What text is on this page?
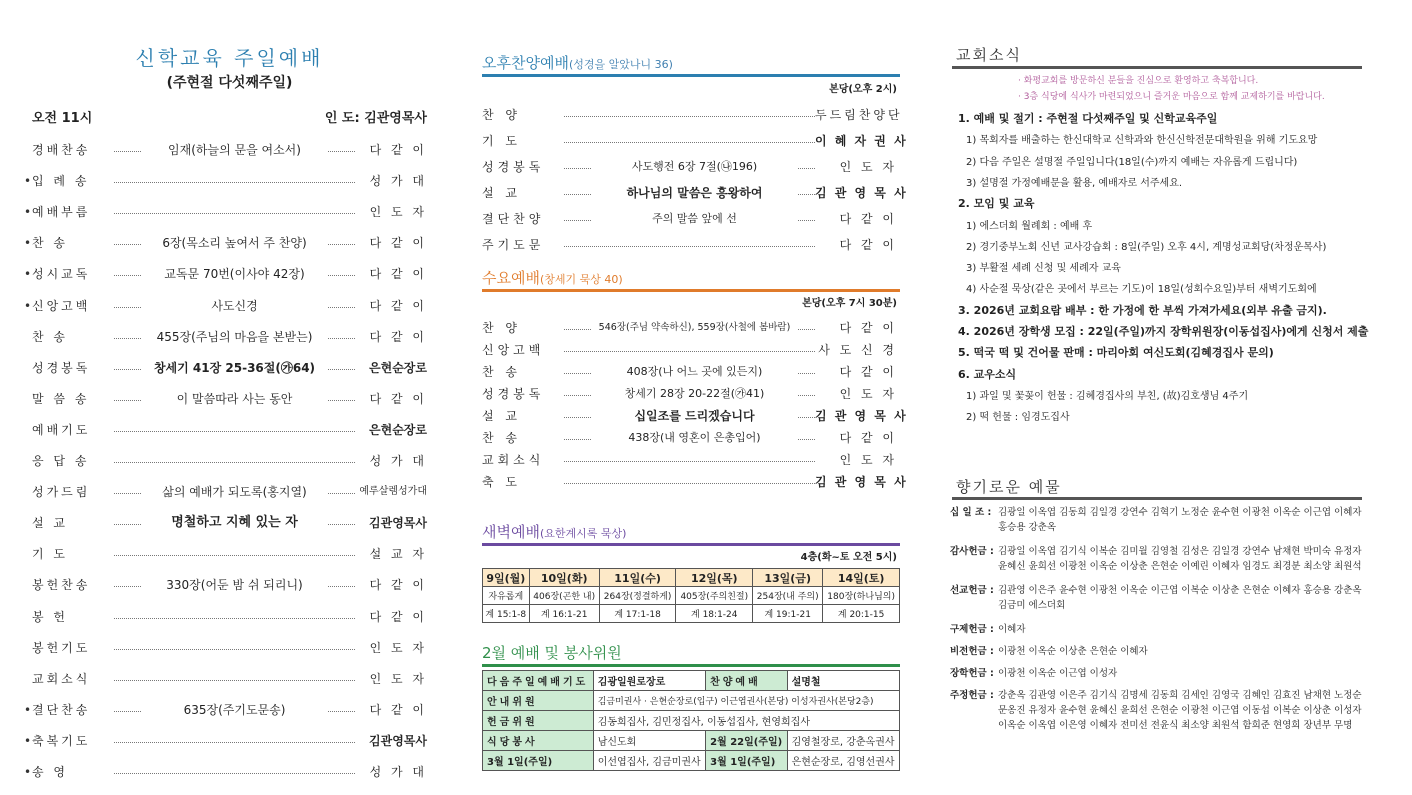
신학교육 주일예배
(주현절 다섯째주일)
오전 11시	인 도: 김관영목사
경배찬송	임재(하늘의 문을 여소서)	다 같 이
• 입 례 송	성 가 대
• 예배부름	인 도 자
• 찬 송	6장(목소리 높여서 주 찬양)	다 같 이
• 성시교독	교독문 70번(이사야 42장)	다 같 이
• 신앙고백	사도신경	다 같 이
찬 송	455장(주님의 마음을 본받는)	다 같 이
성경봉독	창세기 41장 25-36절(㉮64)	은현순장로
말 씀 송	이 말씀따라 사는 동안	다 같 이
예배기도	은현순장로
응 답 송	성 가 대
성가드림	삶의 예배가 되도록(홍지열)	예루살렘성가대
설 교	명철하고 지혜 있는 자	김관영목사
기 도	설 교 자
봉헌찬송	330장(어둔 밤 쉬 되리니)	다 같 이
봉 헌	다 같 이
봉헌기도	인 도 자
교회소식	인 도 자
• 결단찬송	635장(주기도문송)	다 같 이
• 축복기도	김관영목사
• 송 영	성 가 대
오후찬양예배(성경을 알았나니 36)
본당(오후 2시)
찬 양	두드림찬양단
기 도	이 혜 자 권 사
성경봉독	사도행전 6장 7절(㉯196)	인 도 자
설 교	하나님의 말씀은 흥왕하여	김 관 영 목 사
결단찬양	주의 말씀 앞에 선	다 같 이
주기도문	다 같 이
수요예배(창세기 묵상 40)
본당(오후 7시 30분)
찬 양	546장(주님 약속하신), 559장(사철에 봄바람)	다 같 이
신앙고백	사 도 신 경
찬 송	408장(나 어느 곳에 있든지)	다 같 이
성경봉독	창세기 28장 20-22절(㉮41)	인 도 자
설 교	십일조를 드리겠습니다	김 관 영 목 사
찬 송	438장(내 영혼이 은총입어)	다 같 이
교회소식	인 도 자
축 도	김 관 영 목 사
새벽예배(요한계시록 묵상)
4층(화~토 오전 5시)
9일(월)	10일(화)	11일(수)	12일(목)	13일(금)	14일(토)
자유롭게	406장(곤한 내)	264장(정결하게)	405장(주의친절)	254장(내 주의)	180장(하나님의)
계 15:1-8	계 16:1-21	계 17:1-18	계 18:1-24	계 19:1-21	계 20:1-15
2월 예배 및 봉사위원
다음주일예배기도	김광일원로장로	찬양예배	설명철
안내위원	김금미권사 · 은현순장로(입구) 이근엽권사(본당) 이성자권사(본당2층)		
헌금위원	김동희집사, 김민정집사, 이동섭집사, 현영희집사		
식당봉사	남신도회	2월 22일(주일)	김영철장로, 강춘옥권사
3월 1일(주일)	이선엽집사, 김금미권사	3월 1일(주일)	은현순장로, 김영선권사
교회소식
· 화평교회를 방문하신 분들을 진심으로 환영하고 축복합니다.
· 3층 식당에 식사가 마련되었으니 즐거운 마음으로 함께 교제하기를 바랍니다.
1. 예배 및 절기 : 주현절 다섯째주일 및 신학교육주일
1) 목회자를 배출하는 한신대학교 신학과와 한신신학전문대학원을 위해 기도요망
2) 다음 주일은 설명절 주일입니다(18일(수)까지 예배는 자유롭게 드립니다)
3) 설명절 가정예배문을 활용, 예배자로 서주세요.
2. 모임 및 교육
1) 에스더회 월례회 : 예배 후
2) 경기중부노회 신년 교사강습회 : 8일(주일) 오후 4시, 계명성교회당(차정운목사)
3) 부활절 세례 신청 및 세례자 교육
4) 사순절 묵상(같은 곳에서 부르는 기도)이 18일(성회수요일)부터 새벽기도회에
3. 2026년 교회요람 배부 : 한 가정에 한 부씩 가져가세요(외부 유출 금지).
4. 2026년 장학생 모집 : 22일(주일)까지 장학위원장(이동섭집사)에게 신청서 제출
5. 떡국 떡 및 건어물 판매 : 마리아회 여신도회(김혜경집사 문의)
6. 교우소식
1) 과일 및 꽃꽂이 헌물 : 김혜경집사의 부친, (故)김호생님 4주기
2) 떡 헌물 : 임경도집사
향기로운 예물
십 일 조 : 김광일 이옥엽 김동희 김일경 강연수 김혁기 노정순 윤수현 이광천 이옥순 이근엽 이혜자 홍승용 강춘옥
감사헌금 : 김광일 이옥엽 김기식 이복순 김미월 김영철 김성은 김일경 강연수 남채현 박미숙 유정자 윤혜신 윤희선 이광천 이옥순 이상춘 은현순 이예린 이혜자 임경도 최경분 최소양 최원석
선교헌금 : 김관영 이은주 윤수현 이광천 이옥순 이근엽 이복순 이상춘 은현순 이혜자 홍승용 강춘옥 김금미 에스더회
구제헌금 : 이혜자
비전헌금 : 이광천 이옥순 이상춘 은현순 이혜자
장학헌금 : 이광천 이옥순 이근엽 이성자
주정헌금 : 강춘옥 김관영 이은주 김기식 김명세 김동희 김세인 김영국 김혜인 김효진 남채현 노정순 문옹진 유정자 윤수현 윤혜신 윤희선 은현순 이광천 이근엽 이동섭 이복순 이상춘 이성자 이옥순 이옥엽 이은영 이혜자 전미선 전윤식 최소양 최원석 함희준 현영희 장년부 무명
